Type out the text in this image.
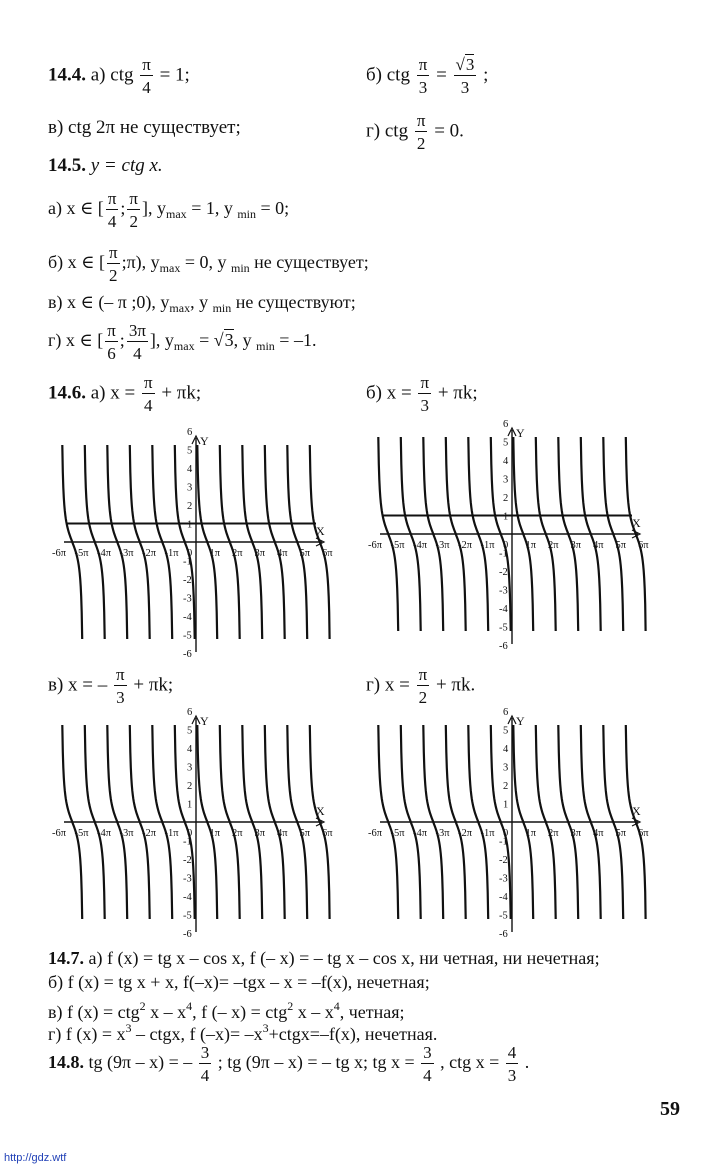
14.4. а) ctg $\frac{\pi}{4} = 1$;	б) ctg $\frac{\pi}{3} = \frac{√3}{3}$ ;
в) ctg 2π не существует;	г) ctg $\frac{\pi}{2} = 0$.
14.5. y = ctg x.
а) x ∈ [ $\frac{\pi}{4}$ ; $\frac{\pi}{2}$ ], $y_{max} = 1$, y $_{min}$ = 0;
б) x ∈ [ $\frac{\pi}{2}$ ;π), $y_{max} = 0$, y $_{min}$ не существует;
в) x ∈ (– π ;0), $y_{max}$, y $_{min}$ не существуют;
г) x ∈ [ $\frac{\pi}{6}$ ; $\frac{3\pi}{4}$ ], $y_{max} = √3$, y $_{min}$ = –1.
14.6. а) $x = \frac{\pi}{4} + \pi k$;	б) $x = \frac{\pi}{3} + \pi k$;
X
Y
-6π -5π -4π -3π -2π -1π 0 1π 2π 3π 4π 5π 6π
1
2
3
4
5
6
-1
-2
-3
-4
-5
-6
X
Y
-6π -5π -4π -3π -2π -1π 0 1π 2π 3π 4π 5π 6π
1
2
3
4
5
6
-1
-2
-3
-4
-5
-6
в) x = – $\frac{\pi}{3} + \pi k$;	г) $x = \frac{\pi}{2} + \pi k$.
X
Y
-6π -5π -4π -3π -2π -1π 0 1π 2π 3π 4π 5π 6π
1
2
3
4
5
6
-1
-2
-3
-4
-5
-6
X
Y
-6π -5π -4π -3π -2π -1π 0 1π 2π 3π 4π 5π 6π
1
2
3
4
5
6
-1
-2
-3
-4
-5
-6
14.7. а) f (x) = tg x – cos x, f (– x) = – tg x – cos x, ни четная, ни нечетная;
б) f (x) = tg x + x, f(–x)= –tgx – x = –f(x), нечетная;
в) f (x) = ctg$^2$ x – $x^4$, f (– x) = ctg$^2$ x – $x^4$, четная;
г) f $(x) = x^3$ – ctgx, f $(-x)= -x^3+ctgx=-f(x)$, нечетная.
14.8. tg (9π – x) = – $\frac{3}{4}$ ; tg (9π – x) = – tg x; tg $x = \frac{3}{4}$ , ctg $x = \frac{4}{3}$ .
59
http://gdz.wtf
